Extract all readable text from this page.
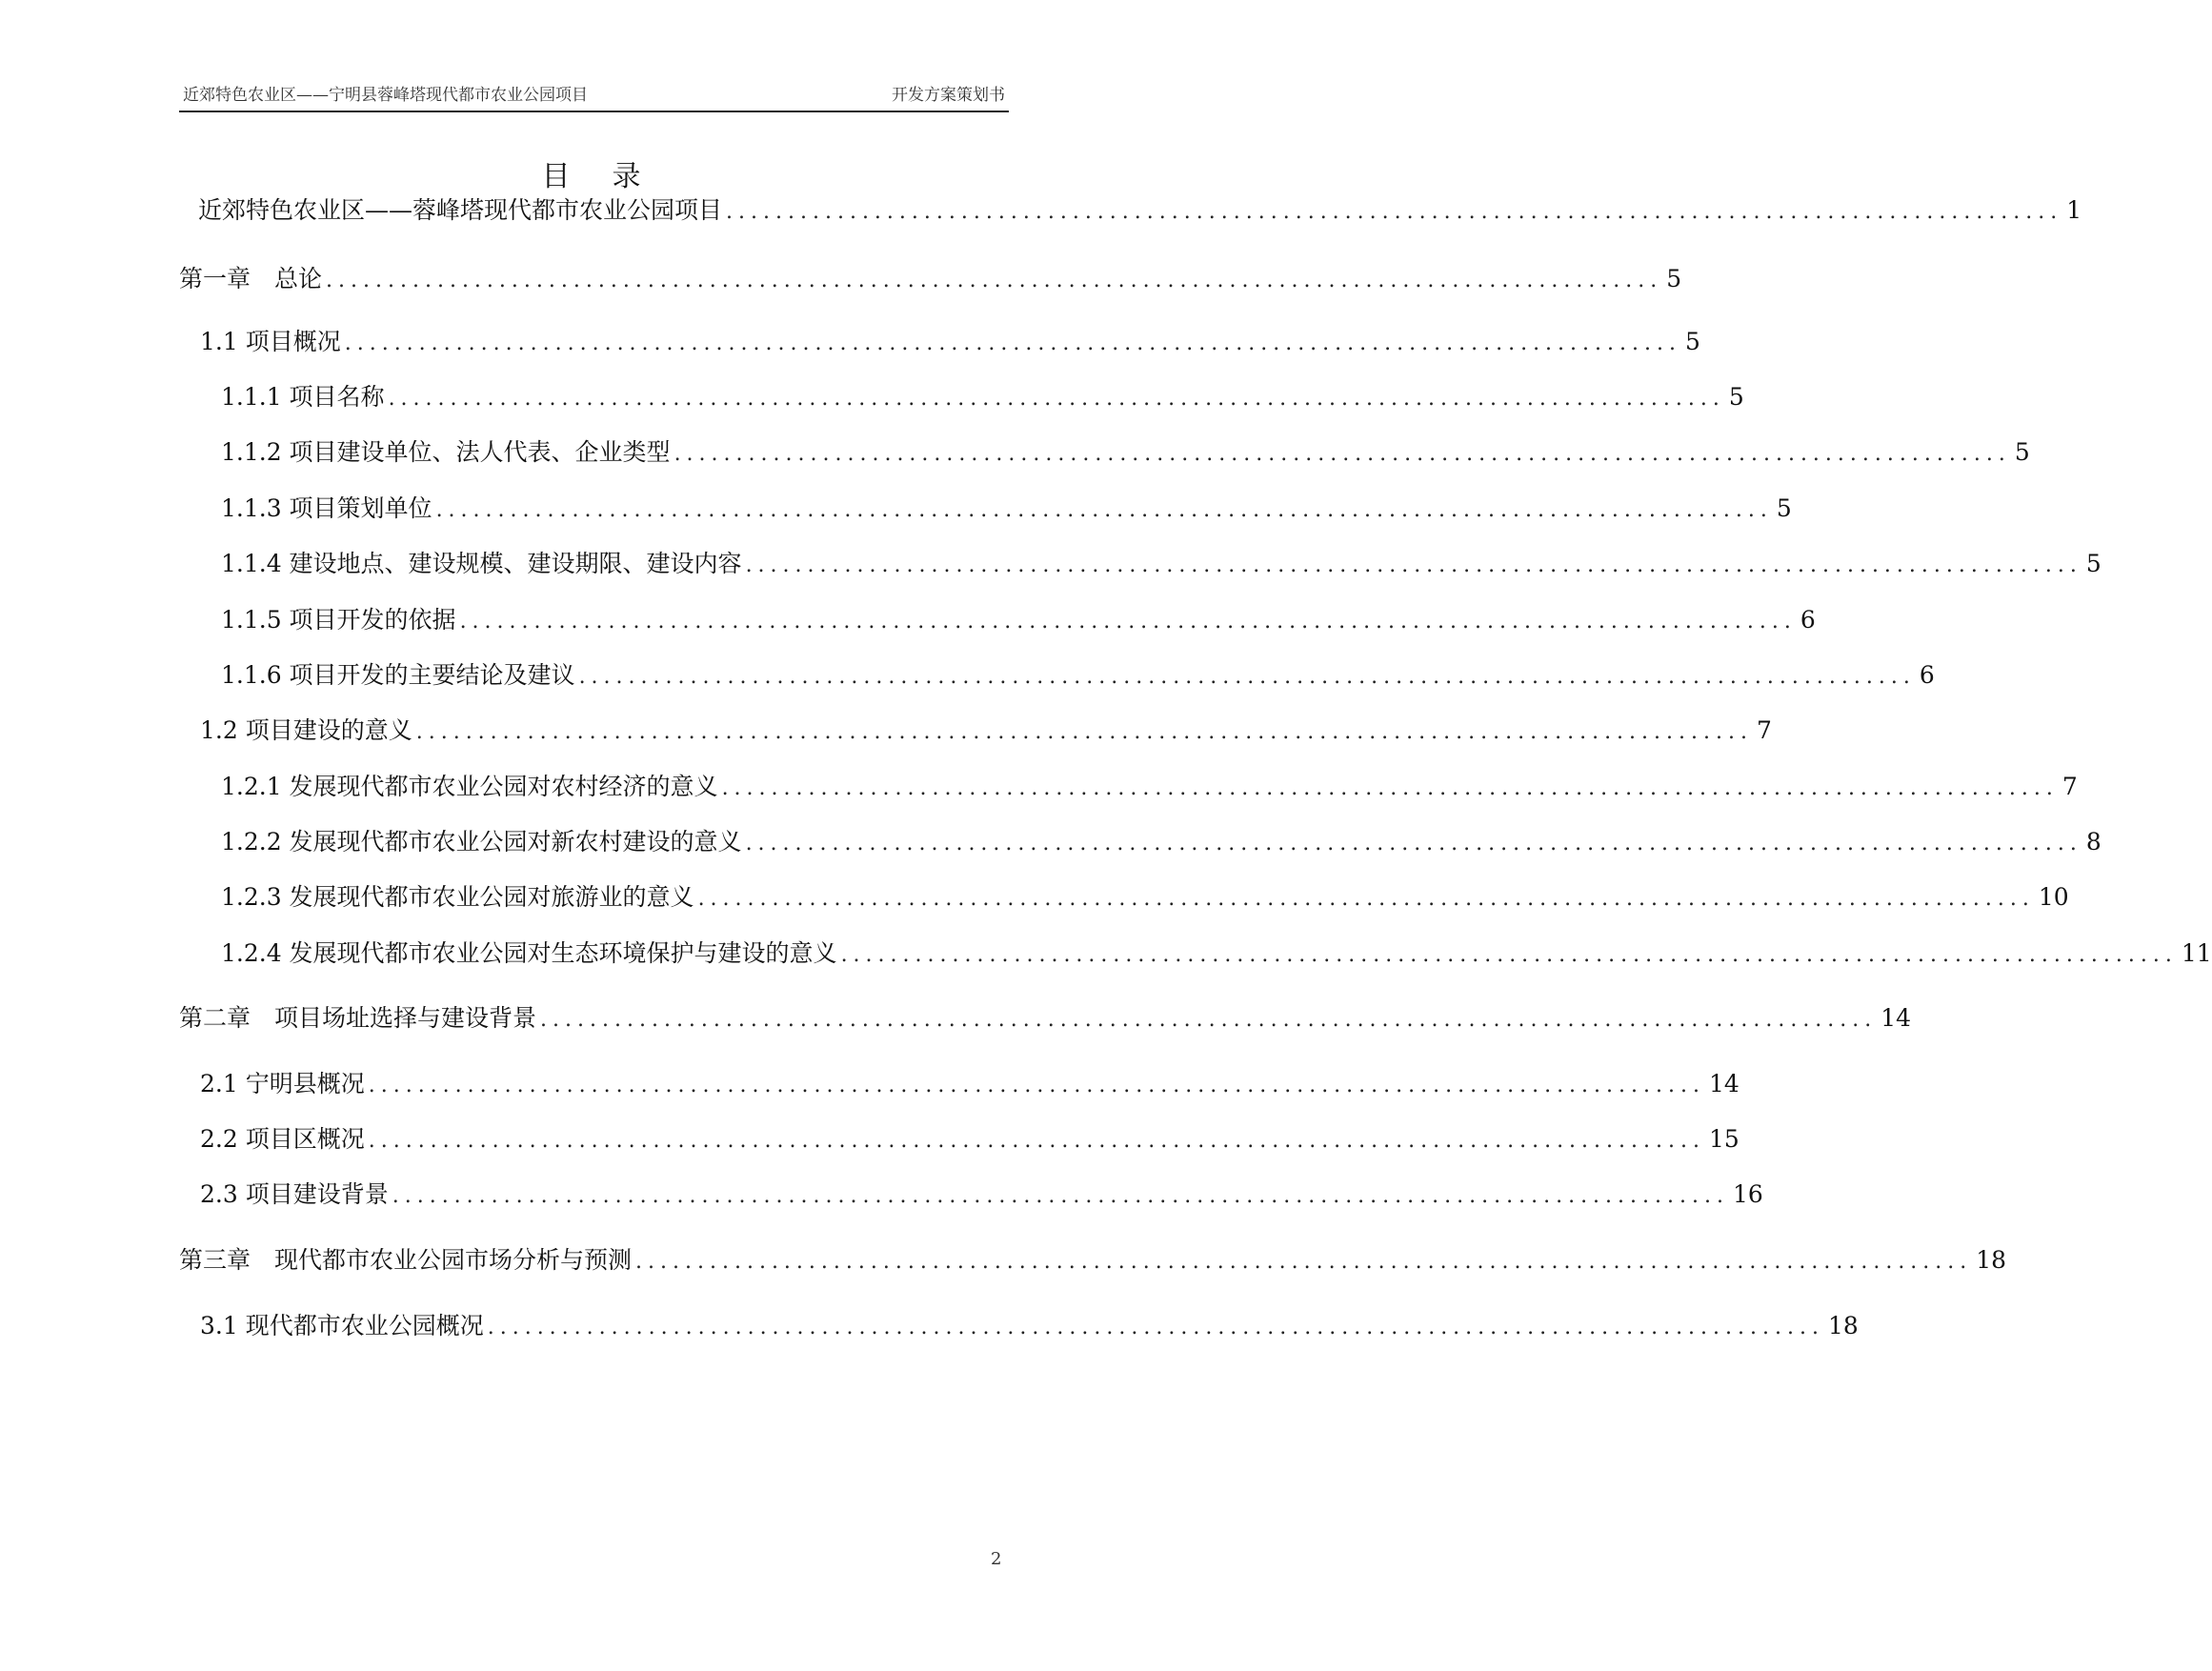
近郊特色农业区——宁明县蓉峰塔现代都市农业公园项目	开发方案策划书
目录
近郊特色农业区——蓉峰塔现代都市农业公园项目 ............................................................................................................ 1
第一章　总论 ............................................................................................................ 5
1.1 项目概况 ............................................................................................................ 5
1.1.1 项目名称 ............................................................................................................ 5
1.1.2 项目建设单位、法人代表、企业类型 ............................................................................................................ 5
1.1.3 项目策划单位 ............................................................................................................ 5
1.1.4 建设地点、建设规模、建设期限、建设内容 ............................................................................................................ 5
1.1.5 项目开发的依据 ............................................................................................................ 6
1.1.6 项目开发的主要结论及建议 ............................................................................................................ 6
1.2 项目建设的意义 ............................................................................................................ 7
1.2.1 发展现代都市农业公园对农村经济的意义 ............................................................................................................ 7
1.2.2 发展现代都市农业公园对新农村建设的意义 ............................................................................................................ 8
1.2.3 发展现代都市农业公园对旅游业的意义 ............................................................................................................ 10
1.2.4 发展现代都市农业公园对生态环境保护与建设的意义 ............................................................................................................ 11
第二章　项目场址选择与建设背景 ............................................................................................................ 14
2.1 宁明县概况 ............................................................................................................ 14
2.2 项目区概况 ............................................................................................................ 15
2.3 项目建设背景 ............................................................................................................ 16
第三章　现代都市农业公园市场分析与预测 ............................................................................................................ 18
3.1 现代都市农业公园概况 ............................................................................................................ 18
2
